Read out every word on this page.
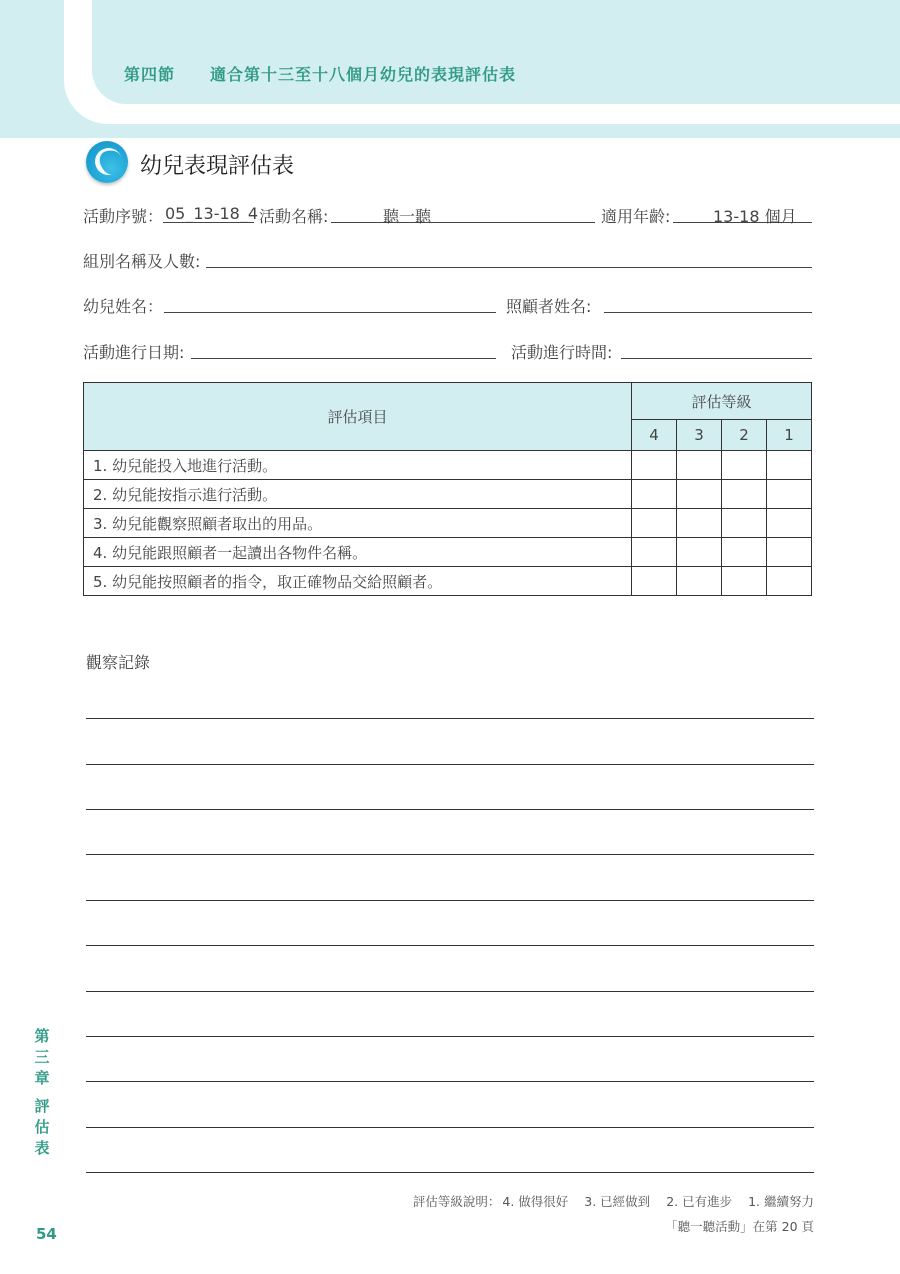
第四節 適合第十三至十八個月幼兒的表現評估表
幼兒表現評估表
活動序號： 05_13-18_4 活動名稱:	聽一聽	適用年齡:	13-18 個月
組別名稱及人數:
幼兒姓名：	照顧者姓名:
活動進行日期:	活動進行時間:
評估項目	評估等級			
	4	3	2	1
1. 幼兒能投入地進行活動。				
2. 幼兒能按指示進行活動。				
3. 幼兒能觀察照顧者取出的用品。				
4. 幼兒能跟照顧者一起讀出各物件名稱。				
5. 幼兒能按照顧者的指令，取正確物品交給照顧者。				
觀察記錄
第
三
章
評
估
表
評估等級說明： 4. 做得很好 3. 已經做到 2. 已有進步 1. 繼續努力
「聽一聽活動」在第 20 頁
54
